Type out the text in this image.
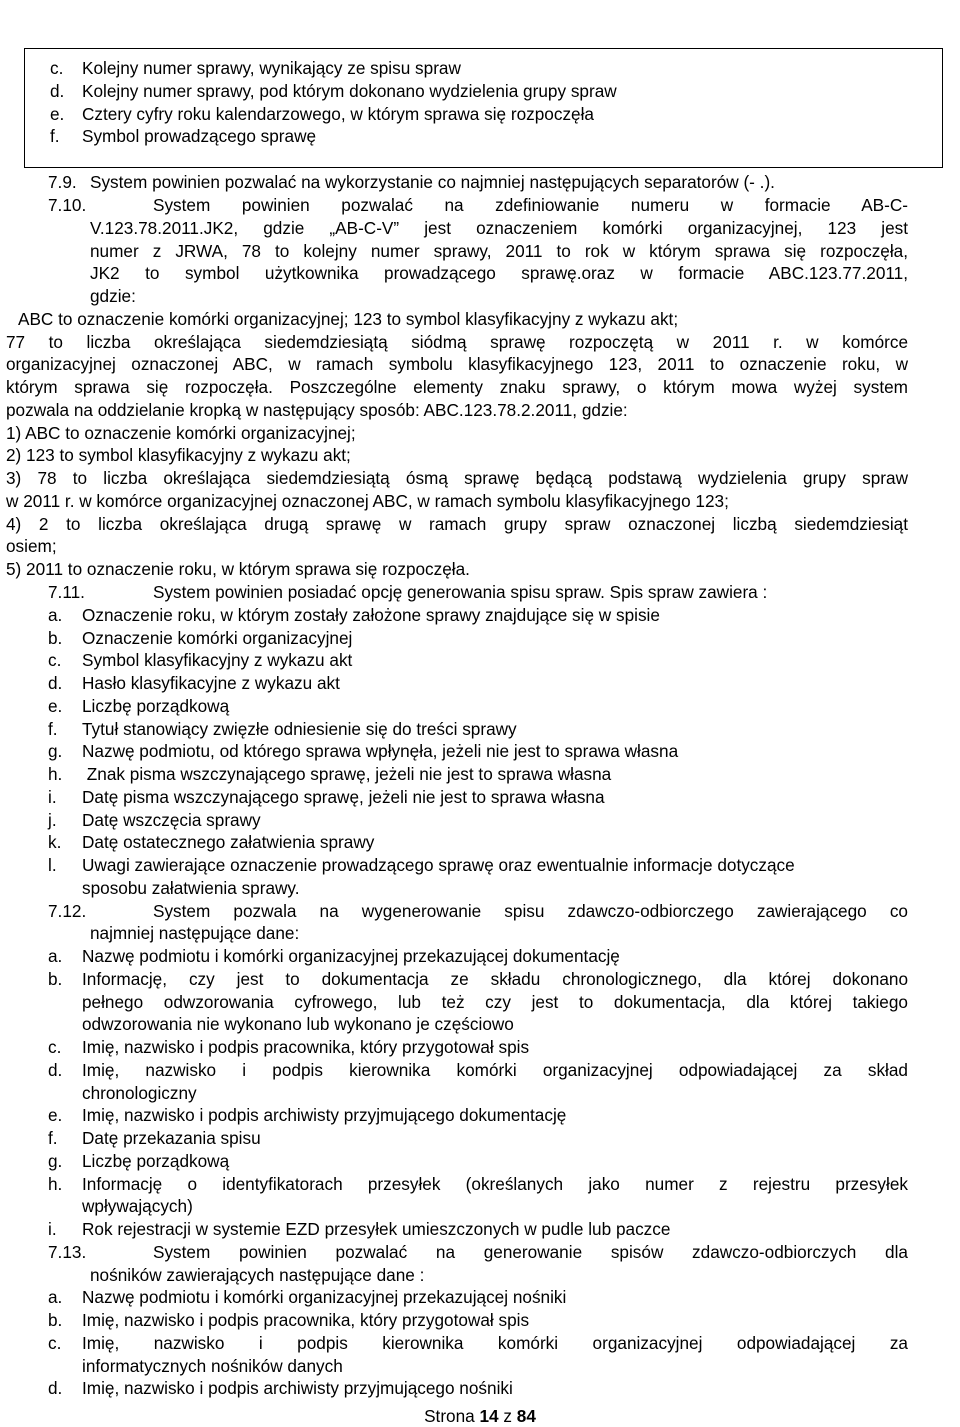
c. Kolejny numer sprawy, wynikający ze spisu spraw
d. Kolejny numer sprawy, pod którym dokonano wydzielenia grupy spraw
e. Cztery cyfry roku kalendarzowego, w którym sprawa się rozpoczęła
f. Symbol prowadzącego sprawę
7.9. System powinien pozwalać na wykorzystanie co najmniej następujących separatorów (- .).
7.10.	System powinien pozwalać na zdefiniowanie numeru w formacie AB-C-
V.123.78.2011.JK2, gdzie „AB-C-V” jest oznaczeniem komórki organizacyjnej, 123 jest
numer z JRWA, 78 to kolejny numer sprawy, 2011 to rok w którym sprawa się rozpoczęła,
JK2 to symbol użytkownika prowadzącego sprawę.oraz w formacie ABC.123.77.2011,
gdzie:
ABC to oznaczenie komórki organizacyjnej; 123 to symbol klasyfikacyjny z wykazu akt;
77 to liczba określająca siedemdziesiątą siódmą sprawę rozpoczętą w 2011 r. w komórce
organizacyjnej oznaczonej ABC, w ramach symbolu klasyfikacyjnego 123, 2011 to oznaczenie roku, w
którym sprawa się rozpoczęła. Poszczególne elementy znaku sprawy, o którym mowa wyżej system
pozwala na oddzielanie kropką w następujący sposób: ABC.123.78.2.2011, gdzie:
1) ABC to oznaczenie komórki organizacyjnej;
2) 123 to symbol klasyfikacyjny z wykazu akt;
3) 78 to liczba określająca siedemdziesiątą ósmą sprawę będącą podstawą wydzielenia grupy spraw
w 2011 r. w komórce organizacyjnej oznaczonej ABC, w ramach symbolu klasyfikacyjnego 123;
4) 2 to liczba określająca drugą sprawę w ramach grupy spraw oznaczonej liczbą siedemdziesiąt
osiem;
5) 2011 to oznaczenie roku, w którym sprawa się rozpoczęła.
7.11.	System powinien posiadać opcję generowania spisu spraw. Spis spraw zawiera :
a. Oznaczenie roku, w którym zostały założone sprawy znajdujące się w spisie
b. Oznaczenie komórki organizacyjnej
c. Symbol klasyfikacyjny z wykazu akt
d. Hasło klasyfikacyjne z wykazu akt
e. Liczbę porządkową
f. Tytuł stanowiący zwięzłe odniesienie się do treści sprawy
g. Nazwę podmiotu, od którego sprawa wpłynęła, jeżeli nie jest to sprawa własna
h. Znak pisma wszczynającego sprawę, jeżeli nie jest to sprawa własna
i. Datę pisma wszczynającego sprawę, jeżeli nie jest to sprawa własna
j. Datę wszczęcia sprawy
k. Datę ostatecznego załatwienia sprawy
l. Uwagi zawierające oznaczenie prowadzącego sprawę oraz ewentualnie informacje dotyczące
sposobu załatwienia sprawy.
7.12.	System pozwala na wygenerowanie spisu zdawczo-odbiorczego zawierającego co
najmniej następujące dane:
a. Nazwę podmiotu i komórki organizacyjnej przekazującej dokumentację
b. Informację, czy jest to dokumentacja ze składu chronologicznego, dla której dokonano
pełnego odwzorowania cyfrowego, lub też czy jest to dokumentacja, dla której takiego
odwzorowania nie wykonano lub wykonano je częściowo
c. Imię, nazwisko i podpis pracownika, który przygotował spis
d. Imię, nazwisko i podpis kierownika komórki organizacyjnej odpowiadającej za skład
chronologiczny
e. Imię, nazwisko i podpis archiwisty przyjmującego dokumentację
f. Datę przekazania spisu
g. Liczbę porządkową
h. Informację o identyfikatorach przesyłek (określanych jako numer z rejestru przesyłek
wpływających)
i. Rok rejestracji w systemie EZD przesyłek umieszczonych w pudle lub paczce
7.13.	System powinien pozwalać na generowanie spisów zdawczo-odbiorczych dla
nośników zawierających następujące dane :
a. Nazwę podmiotu i komórki organizacyjnej przekazującej nośniki
b. Imię, nazwisko i podpis pracownika, który przygotował spis
c. Imię, nazwisko i podpis kierownika komórki organizacyjnej odpowiadającej za
informatycznych nośników danych
d. Imię, nazwisko i podpis archiwisty przyjmującego nośniki
Strona 14 z 84
